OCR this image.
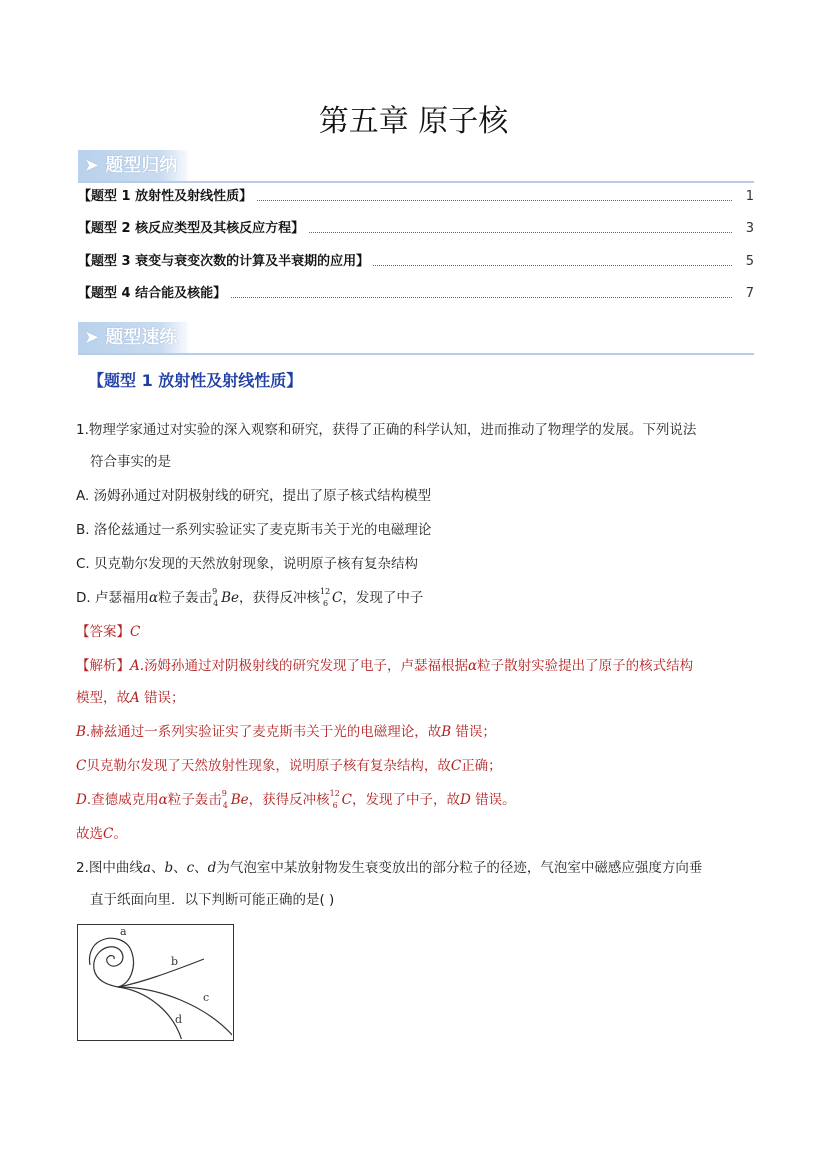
第五章 原子核
➤ 题型归纳
【题型 1 放射性及射线性质】	1
【题型 2 核反应类型及其核反应方程】	3
【题型 3 衰变与衰变次数的计算及半衰期的应用】	5
【题型 4 结合能及核能】	7
➤ 题型速练
【题型 1 放射性及射线性质】
1.物理学家通过对实验的深入观察和研究，获得了正确的科学认知，进而推动了物理学的发展。下列说法
符合事实的是
A. 汤姆孙通过对阴极射线的研究，提出了原子核式结构模型
B. 洛伦兹通过一系列实验证实了麦克斯韦关于光的电磁理论
C. 贝克勒尔发现的天然放射现象，说明原子核有复杂结构
D. 卢瑟福用α粒子轰击 9
4 Be，获得反冲核 12
6 C，发现了中子
【答案】C
【解析】A.汤姆孙通过对阴极射线的研究发现了电子，卢瑟福根据α粒子散射实验提出了原子的核式结构
模型，故A 错误；
B.赫兹通过一系列实验证实了麦克斯韦关于光的电磁理论，故B 错误；
C贝克勒尔发现了天然放射性现象，说明原子核有复杂结构，故C正确；
D.查德威克用α粒子轰击 9
4 Be，获得反冲核 12
6 C，发现了中子，故D 错误。
故选C。
2.图中曲线a、b、c、d为气泡室中某放射物发生衰变放出的部分粒子的径迹，气泡室中磁感应强度方向垂
直于纸面向里．以下判断可能正确的是( )
a
b
c
d
